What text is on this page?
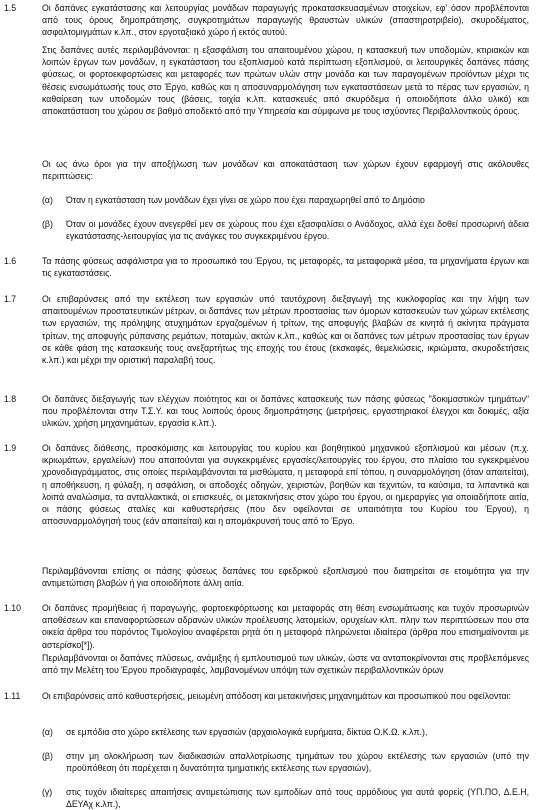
1.5	Οι δαπάνες εγκατάστασης και λειτουργίας μονάδων παραγωγής προκατασκευασμένων στοιχείων, εφ' όσον προβλέπονται από τους όρους δημοπράτησης, συγκροτημάτων παραγωγής θραυστών υλικών (σπαστηροτριβείο), σκυροδέματος, ασφαλτομιγμάτων κ.λπ., στον εργοταξιακό χώρο ή εκτός αυτού.
Στις δαπάνες αυτές περιλαμβάνονται: η εξασφάλιση του απαιτουμένου χώρου, η κατασκευή των υποδομών, κτιριακών και λοιπών έργων των μονάδων, η εγκατάσταση του εξοπλισμού κατά περίπτωση εξοπλισμού, οι λειτουργικές δαπάνες πάσης φύσεως, οι φορτοεκφορτώσεις και μεταφορές των πρώτων υλών στην μονάδα και των παραγομένων προϊόντων μέχρι τις θέσεις ενσωμάτωσής τους στο Έργο, καθώς και η αποσυναρμολόγηση των εγκαταστάσεων μετά το πέρας των εργασιών, η καθαίρεση των υποδομών τους (βάσεις, τοιχία κ.λπ. κατασκευές από σκυρόδεμα ή οποιοδήποτε άλλο υλικό) και αποκατάσταση του χώρου σε βαθμό αποδεκτό από την Υπηρεσία και σύμφωνα με τους ισχύοντες Περιβαλλοντικούς όρους.
Οι ως άνω όροι για την αποξήλωση των μονάδων και αποκατάσταση των χώρων έχουν εφαρμογή στις ακόλουθες περιπτώσεις:
(α) Όταν η εγκατάσταση των μονάδων έχει γίνει σε χώρο που έχει παραχωρηθεί από το Δημόσιο
(β) Όταν οι μονάδες έχουν ανεγερθεί μεν σε χώρους που έχει εξασφαλίσει ο Ανάδοχος, αλλά έχει δοθεί προσωρινή άδεια εγκατάστασης-λειτουργίας για τις ανάγκες του συγκεκριμένου έργου.
1.6	Τα πάσης φύσεως ασφάλιστρα για το προσωπικό του Έργου, τις μεταφορές, τα μεταφορικά μέσα, τα μηχανήματα έργων και τις εγκαταστάσεις.
1.7	Οι επιβαρύνσεις από την εκτέλεση των εργασιών υπό ταυτόχρονη διεξαγωγή της κυκλοφορίας και την λήψη των απαιτουμένων προστατευτικών μέτρων, οι δαπάνες των μέτρων προστασίας των όμορων κατασκευών των χώρων εκτέλεσης των εργασιών, της πρόληψης ατυχημάτων εργαζομένων ή τρίτων, της αποφυγής βλαβών σε κινητά ή ακίνητα πράγματα τρίτων, της αποφυγής ρύπανσης ρεμάτων, ποταμών, ακτών κ.λπ., καθώς και οι δαπάνες των μέτρων προστασίας των έργων σε κάθε φάση της κατασκευής τους ανεξαρτήτως της εποχής του έτους (εκσκαφές, θεμελιώσεις, ικριώματα, σκυροδετήσεις κ.λπ.) και μέχρι την οριστική παραλαβή τους.
1.8	Οι δαπάνες διεξαγωγής των ελέγχων ποιότητος και οι δαπάνες κατασκευής των πάσης φύσεως "δοκιμαστικών τμημάτων" που προβλέπονται στην Τ.Σ.Υ. και τους λοιπούς όρους δημοπράτησης (μετρήσεις, εργαστηριακοί έλεγχοι και δοκιμές, αξία υλικών, χρήση μηχανημάτων, εργασία κ.λπ.).
1.9	Οι δαπάνες διάθεσης, προσκόμισης και λειτουργίας του κυρίου και βοηθητικού μηχανικού εξοπλισμού και μέσων (π.χ. ικριωμάτων, εργαλείων) που απαιτούνται για συγκεκριμένες εργασίες/λειτουργίες του έργου, στο πλαίσιο του εγκεκριμένου χρονοδιαγράμματος, στις οποίες περιλαμβάνονται τα μισθώματα, η μεταφορά επί τόπου, η συναρμολόγηση (όταν απαιτείται), η αποθήκευση, η φύλαξη, η ασφάλιση, οι αποδοχές οδηγών, χειριστών, βοηθών και τεχνιτών, τα καύσιμα, τα λιπαντικά και λοιπά αναλώσιμα, τα ανταλλακτικά, οι επισκευές, οι μετακινήσεις στον χώρο του έργου, οι ημεραργίες για οποιαδήποτε αιτία, οι πάσης φύσεως σταλίες και καθυστερήσεις (που δεν οφείλονται σε υπαιτιότητα του Κυρίου του Έργου), η αποσυναρμολόγησή τους (εάν απαιτείται) και η απομάκρυνσή τους από το Έργο.
Περιλαμβάνονται επίσης οι πάσης φύσεως δαπάνες του εφεδρικού εξοπλισμού που διατηρείται σε ετοιμότητα για την αντιμετώπιση βλαβών ή για οποιοδήποτε άλλη αιτία.
1.10 Οι δαπάνες προμήθειας ή παραγωγής, φορτοεκφόρτωσης και μεταφοράς στη θέση ενσωμάτωσης και τυχόν προσωρινών αποθέσεων και επαναφορτώσεων αδρανών υλικών προέλευσης λατομείων, ορυχείων κλπ. πλην των περιπτώσεων που στα οικεία άρθρα του παρόντος Τιμολογίου αναφέρεται ρητά ότι η μεταφορά πληρώνεται ιδιαίτερα (άρθρα που επισημαίνονται με αστερίσκο[*]).
Περιλαμβάνονται οι δαπάνες πλύσεως, ανάμιξης ή εμπλουτισμού των υλικών, ώστε να ανταποκρίνονται στις προβλεπόμενες από την Μελέτη του Έργου προδιαγραφές, λαμβανομένων υπόψη των σχετικών περιβαλλοντικών όρων
1.11 Οι επιβαρύνσεις από καθυστερήσεις, μειωμένη απόδοση και μετακινήσεις μηχανημάτων και προσωπικού που οφείλονται:
(α) σε εμπόδια στο χώρο εκτέλεσης των εργασιών (αρχαιολογικά ευρήματα, δίκτυα Ο.Κ.Ω. κ.λπ.),
(β) στην μη ολοκλήρωση των διαδικασιών απαλλοτρίωσης τμημάτων του χώρου εκτέλεσης των εργασιών (υπό την προϋπόθεση ότι παρέχεται η δυνατότητα τμηματικής εκτέλεσης των εργασιών),
(γ) στις τυχόν ιδιαίτερες απαιτήσεις αντιμετώπισης των εμποδίων από τους αρμόδιους για αυτά φορείς (ΥΠ.ΠΟ, Δ.Ε.Η, ΔΕΥΑχ κ.λπ.),
